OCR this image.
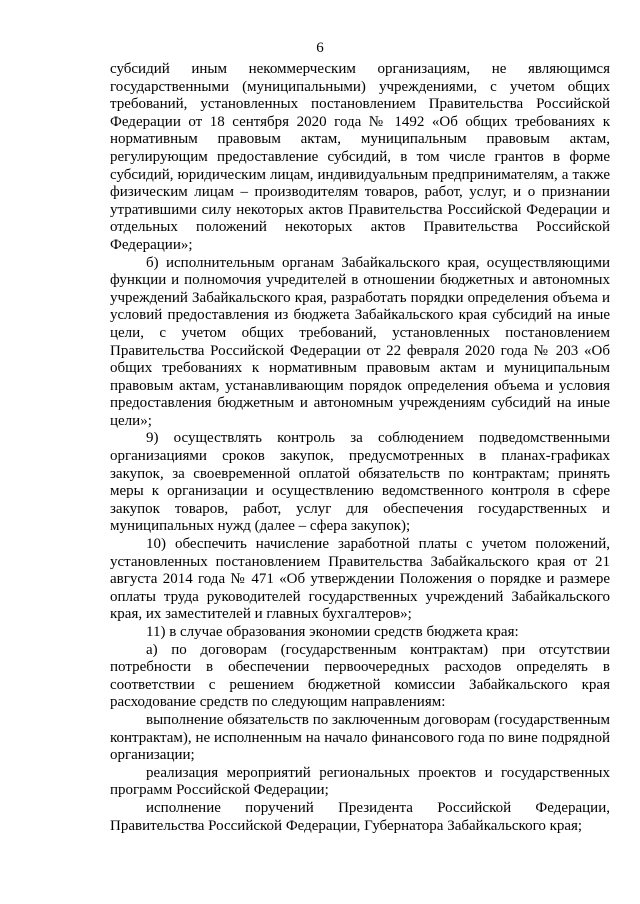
6

субсидий иным некоммерческим организациям, не являющимся государственными (муниципальными) учреждениями, с учетом общих требований, установленных постановлением Правительства Российской Федерации от 18 сентября 2020 года № 1492 «Об общих требованиях к нормативным правовым актам, муниципальным правовым актам, регулирующим предоставление субсидий, в том числе грантов в форме субсидий, юридическим лицам, индивидуальным предпринимателям, а также физическим лицам – производителям товаров, работ, услуг, и о признании утратившими силу некоторых актов Правительства Российской Федерации и отдельных положений некоторых актов Правительства Российской Федерации»;

б) исполнительным органам Забайкальского края, осуществляющими функции и полномочия учредителей в отношении бюджетных и автономных учреждений Забайкальского края, разработать порядки определения объема и условий предоставления из бюджета Забайкальского края субсидий на иные цели, с учетом общих требований, установленных постановлением Правительства Российской Федерации от 22 февраля 2020 года № 203 «Об общих требованиях к нормативным правовым актам и муниципальным правовым актам, устанавливающим порядок определения объема и условия предоставления бюджетным и автономным учреждениям субсидий на иные цели»;

9) осуществлять контроль за соблюдением подведомственными организациями сроков закупок, предусмотренных в планах-графиках закупок, за своевременной оплатой обязательств по контрактам; принять меры к организации и осуществлению ведомственного контроля в сфере закупок товаров, работ, услуг для обеспечения государственных и муниципальных нужд (далее – сфера закупок);

10) обеспечить начисление заработной платы с учетом положений, установленных постановлением Правительства Забайкальского края от 21 августа 2014 года № 471 «Об утверждении Положения о порядке и размере оплаты труда руководителей государственных учреждений Забайкальского края, их заместителей и главных бухгалтеров»;

11) в случае образования экономии средств бюджета края:

а) по договорам (государственным контрактам) при отсутствии потребности в обеспечении первоочередных расходов определять в соответствии с решением бюджетной комиссии Забайкальского края расходование средств по следующим направлениям:

выполнение обязательств по заключенным договорам (государственным контрактам), не исполненным на начало финансового года по вине подрядной организации;

реализация мероприятий региональных проектов и государственных программ Российской Федерации;

исполнение поручений Президента Российской Федерации, Правительства Российской Федерации, Губернатора Забайкальского края;
